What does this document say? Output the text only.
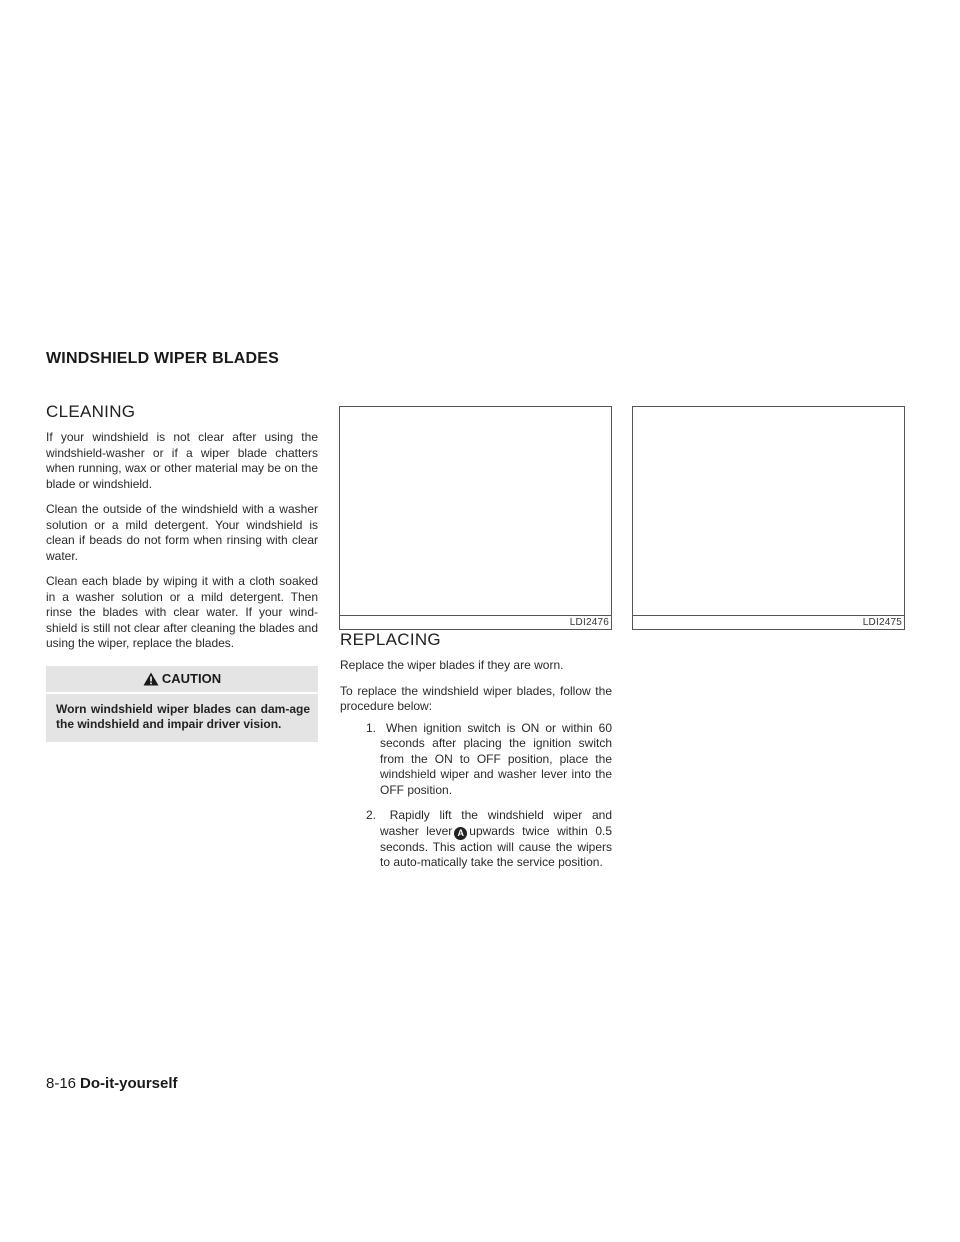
WINDSHIELD WIPER BLADES
CLEANING

If your windshield is not clear after using the windshield-washer or if a wiper blade chatters when running, wax or other material may be on the blade or windshield.

Clean the outside of the windshield with a washer solution or a mild detergent. Your windshield is clean if beads do not form when rinsing with clear water.

Clean each blade by wiping it with a cloth soaked in a washer solution or a mild detergent. Then rinse the blades with clear water. If your wind-shield is still not clear after cleaning the blades and using the wiper, replace the blades.

CAUTION
Worn windshield wiper blades can dam-age the windshield and impair driver vision.
LDI2476	LDI2475
REPLACING

Replace the wiper blades if they are worn.

To replace the windshield wiper blades, follow the procedure below:

1. When ignition switch is ON or within 60 seconds after placing the ignition switch from the ON to OFF position, place the windshield wiper and washer lever into the OFF position.
2. Rapidly lift the windshield wiper and washer lever A upwards twice within 0.5 seconds. This action will cause the wipers to auto-matically take the service position.
8-16 Do-it-yourself
